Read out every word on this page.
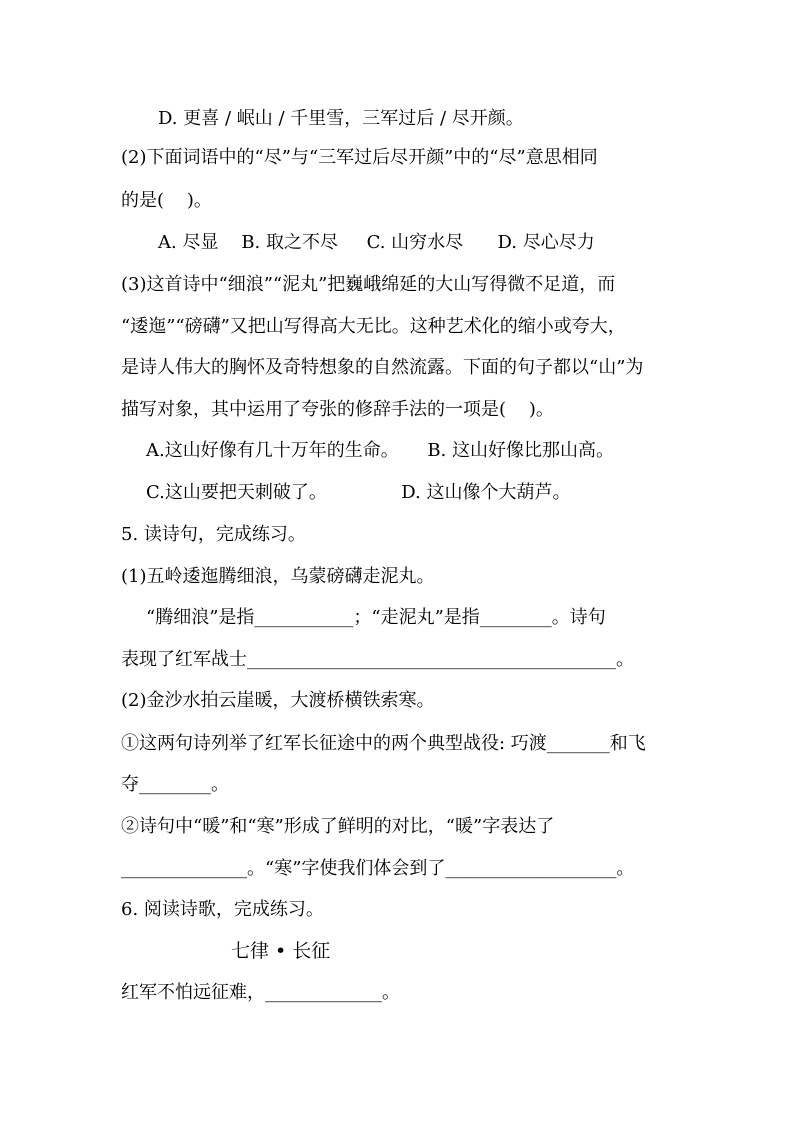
D. 更喜 / 岷山 / 千里雪，三军过后 / 尽开颜。
(2)下面词语中的“尽”与“三军过后尽开颜”中的“尽”意思相同
的是(    )。
A. 尽显    B. 取之不尽     C. 山穷水尽      D. 尽心尽力
(3)这首诗中“细浪”“泥丸”把巍峨绵延的大山写得微不足道，而
“逶迤”“磅礴”又把山写得高大无比。这种艺术化的缩小或夸大，
是诗人伟大的胸怀及奇特想象的自然流露。下面的句子都以“山”为
描写对象，其中运用了夸张的修辞手法的一项是(    )。
A.这山好像有几十万年的生命。     B. 这山好像比那山高。
C.这山要把天刺破了。             D. 这山像个大葫芦。
5. 读诗句，完成练习。
(1)五岭逶迤腾细浪，乌蒙磅礴走泥丸。
“腾细浪”是指___________；“走泥丸”是指________。诗句
表现了红军战士_________________________________________。
(2)金沙水拍云崖暖，大渡桥横铁索寒。
①这两句诗列举了红军长征途中的两个典型战役: 巧渡_______和飞
夺________。
②诗句中“暖”和“寒”形成了鲜明的对比，“暖”字表达了
______________。“寒”字使我们体会到了___________________。
6. 阅读诗歌，完成练习。
七律 • 长征
红军不怕远征难，_____________。
